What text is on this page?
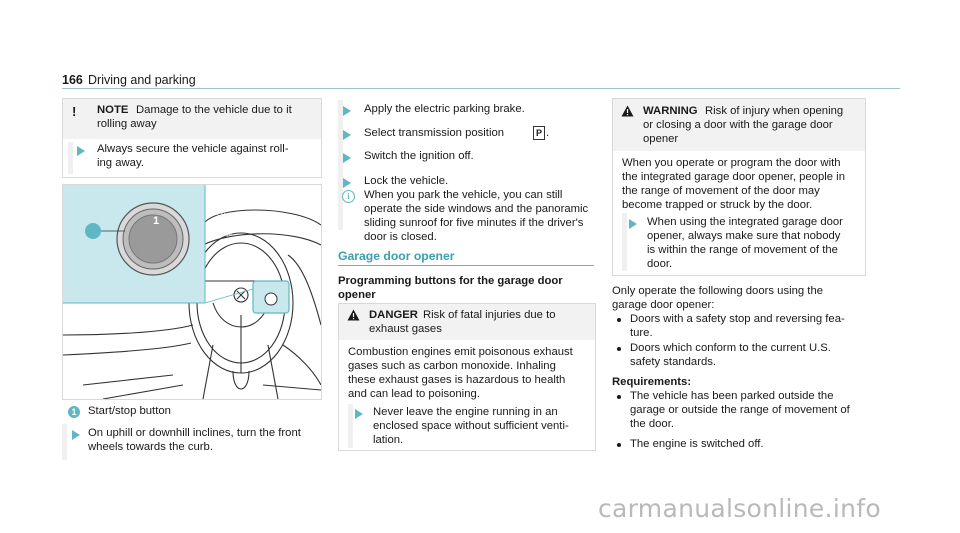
166 Driving and parking
! NOTE Damage to the vehicle due to it
rolling away
Always secure the vehicle against roll-
ing away.
1	START
ENGINE
STOP
1	Start/stop button
On uphill or downhill inclines, turn the front
wheels towards the curb.
Apply the electric parking brake.
Select transmission position	P .
Switch the ignition off.
Lock the vehicle.
i	When you park the vehicle, you can still
operate the side windows and the panoramic
sliding sunroof for five minutes if the driver's
door is closed.
Garage door opener
Programming buttons for the garage door
opener
DANGER Risk of fatal injuries due to
exhaust gases
Combustion engines emit poisonous exhaust
gases such as carbon monoxide. Inhaling
these exhaust gases is hazardous to health
and can lead to poisoning.
Never leave the engine running in an
enclosed space without sufficient venti-
lation.
WARNING Risk of injury when opening
or closing a door with the garage door
opener
When you operate or program the door with
the integrated garage door opener, people in
the range of movement of the door may
become trapped or struck by the door.
When using the integrated garage door
opener, always make sure that nobody
is within the range of movement of the
door.
Only operate the following doors using the
garage door opener:
Doors with a safety stop and reversing fea-
ture.
Doors which conform to the current U.S.
safety standards.
Requirements:
The vehicle has been parked outside the
garage or outside the range of movement of
the door.
The engine is switched off.
carmanualsonline.info
